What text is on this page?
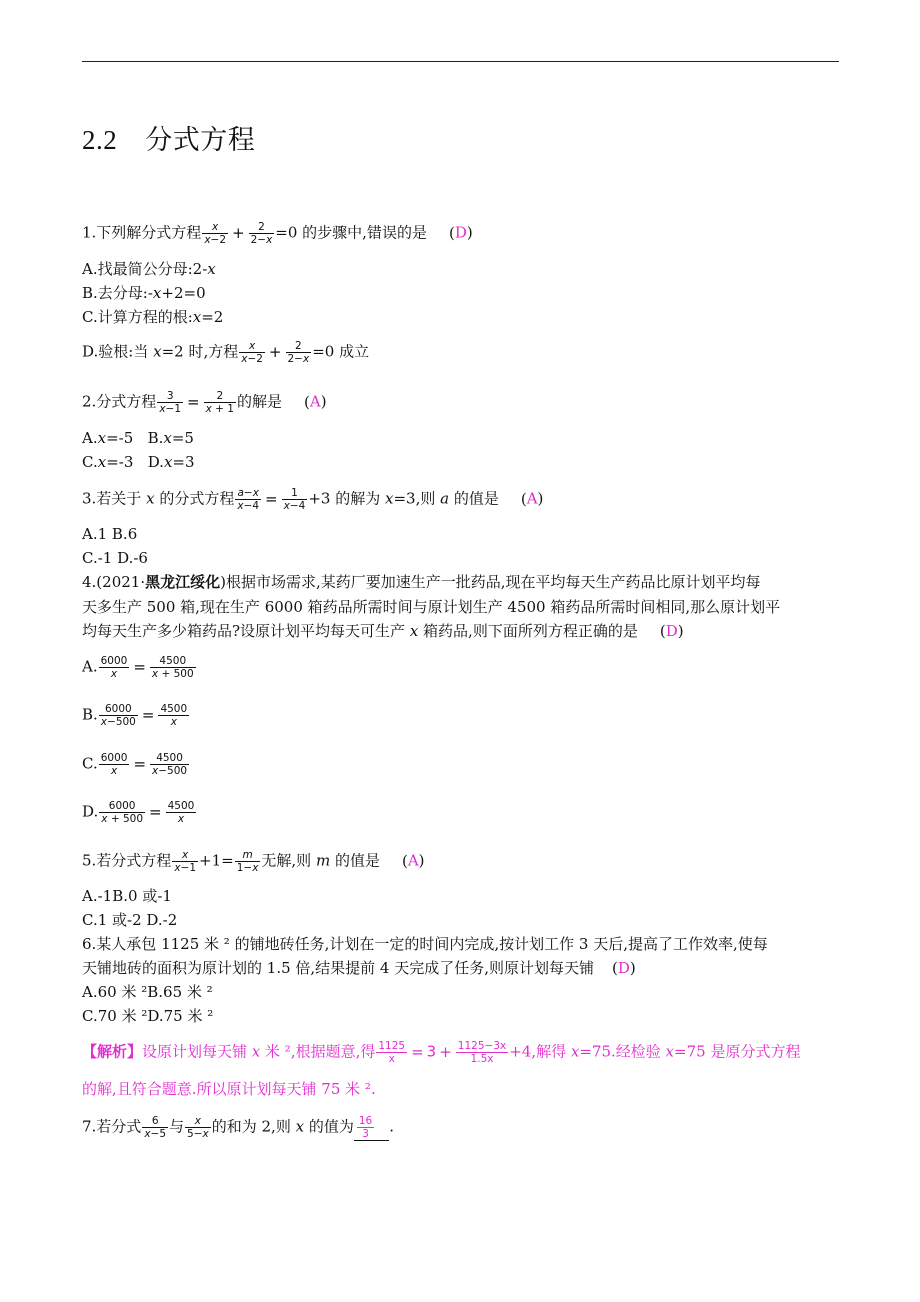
2.2 分式方程
1.下列解分式方程 $\frac{x}{x-2} + \frac{2}{2-x} =0$ 的步骤中,错误的是 (D)
A.找最简公分母:2-x
B.去分母:-x+2=0
C.计算方程的根:x=2
D.验根:当 x=2 时,方程 $\frac{x}{x-2} + \frac{2}{2-x} =0$ 成立
2.分式方程 $\frac{3}{x-1} = \frac{2}{x + 1}$ 的解是 (A)
A.x=-5 B.x=5
C.x=-3 D.x=3
3.若关于 x 的分式方程 $\frac{a-x}{x-4} = \frac{1}{x-4} +3$ 的解为 x=3,则 a 的值是 (A)
A.1 B.6
C.-1 D.-6
4.(2021·黑龙江绥化)根据市场需求,某药厂要加速生产一批药品,现在平均每天生产药品比原计划平均每
天多生产 500 箱,现在生产 6000 箱药品所需时间与原计划生产 4500 箱药品所需时间相同,那么原计划平
均每天生产多少箱药品?设原计划平均每天可生产 x 箱药品,则下面所列方程正确的是 (D)
A. $\frac{6000}{x} = \frac{4500}{x + 500}$
B. $\frac{6000}{x-500} = \frac{4500}{x}$
C. $\frac{6000}{x} = \frac{4500}{x-500}$
D. $\frac{6000}{x + 500} = \frac{4500}{x}$
5.若分式方程 $\frac{x}{x-1} +1= \frac{m}{1-x}$ 无解,则 m 的值是 (A)
A.-1B.0 或-1
C.1 或-2 D.-2
6.某人承包 1125 米 ² 的铺地砖任务,计划在一定的时间内完成,按计划工作 3 天后,提高了工作效率,使每
天铺地砖的面积为原计划的 1.5 倍,结果提前 4 天完成了任务,则原计划每天铺 (D)
A.60 米 ²B.65 米 ²
C.70 米 ²D.75 米 ²
【解析】设原计划每天铺 x 米 ²,根据题意,得 $\frac{1125}{x} = 3 + \frac{1125-3x}{1.5x} +4$,解得 x=75.经检验 x=75 是原分式方程
的解,且符合题意.所以原计划每天铺 75 米 ².
7.若分式 $\frac{6}{x-5}$ 与 $\frac{x}{5-x}$ 的和为 2,则 x 的值为 $\frac{16}{3}$ .
